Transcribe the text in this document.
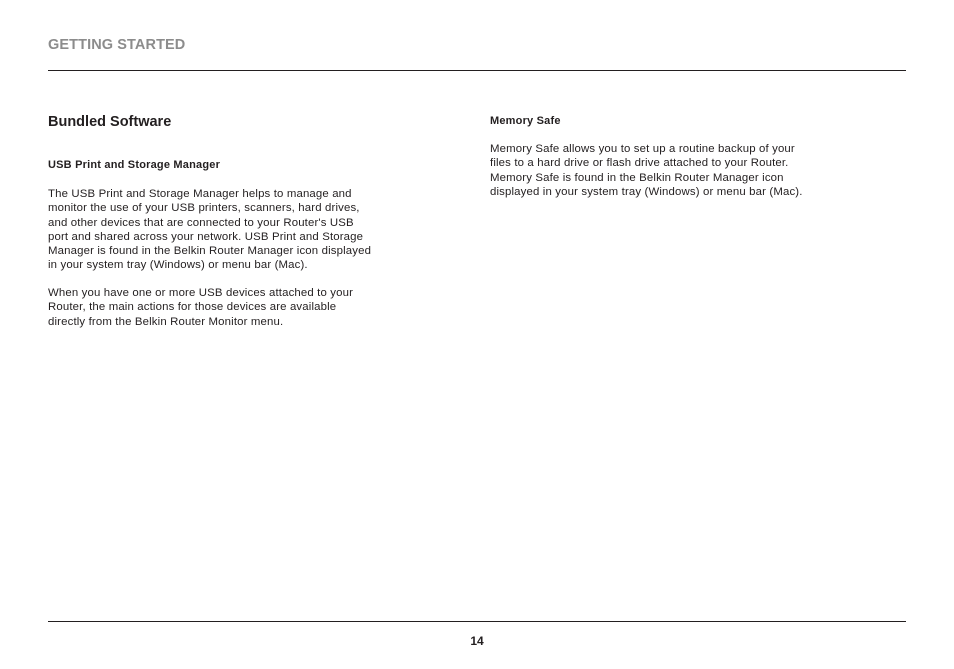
GETTING STARTED
Bundled Software
USB Print and Storage Manager

The USB Print and Storage Manager helps to manage and
monitor the use of your USB printers, scanners, hard drives,
and other devices that are connected to your Router's USB
port and shared across your network. USB Print and Storage
Manager is found in the Belkin Router Manager icon displayed
in your system tray (Windows) or menu bar (Mac).

When you have one or more USB devices attached to your
Router, the main actions for those devices are available
directly from the Belkin Router Monitor menu.

Memory Safe

Memory Safe allows you to set up a routine backup of your
files to a hard drive or flash drive attached to your Router.
Memory Safe is found in the Belkin Router Manager icon
displayed in your system tray (Windows) or menu bar (Mac).

14
